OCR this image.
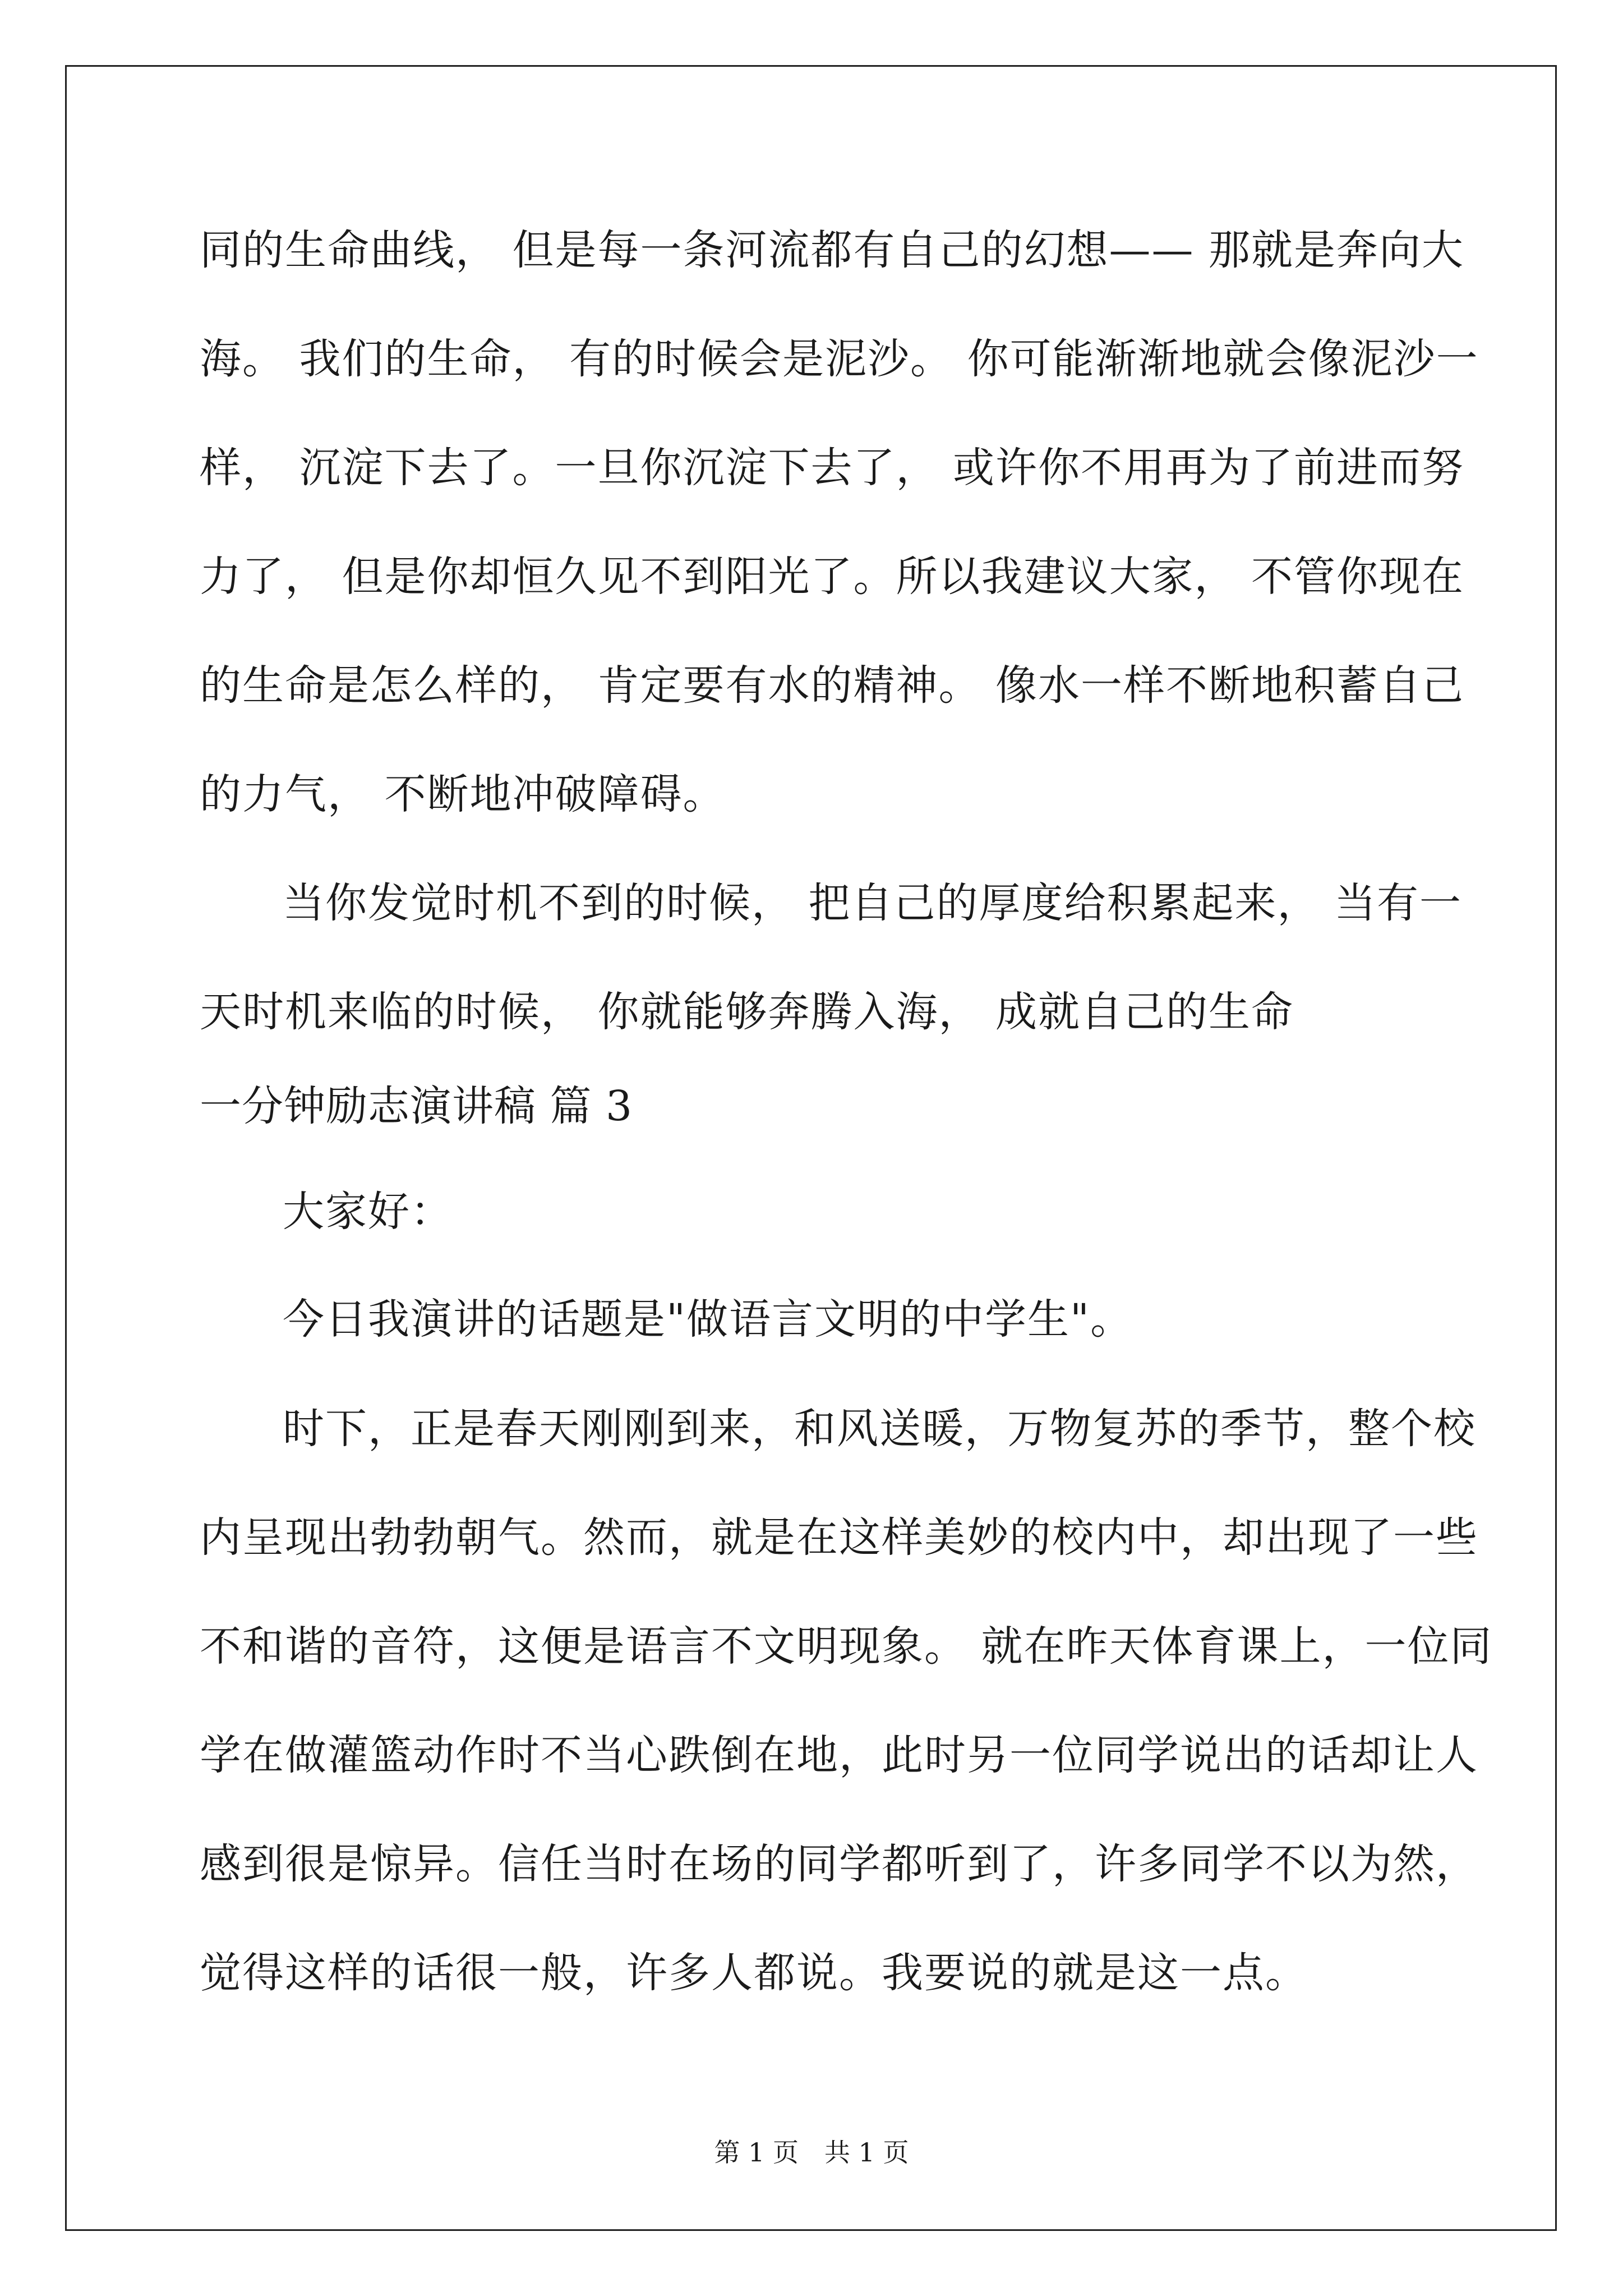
同的生命曲线， 但是每一条河流都有自己的幻想—— 那就是奔向大
海。 我们的生命， 有的时候会是泥沙。 你可能渐渐地就会像泥沙一
样， 沉淀下去了。一旦你沉淀下去了， 或许你不用再为了前进而努
力了， 但是你却恒久见不到阳光了。所以我建议大家， 不管你现在
的生命是怎么样的， 肯定要有水的精神。 像水一样不断地积蓄自己
的力气， 不断地冲破障碍。
当你发觉时机不到的时候， 把自己的厚度给积累起来， 当有一
天时机来临的时候， 你就能够奔腾入海， 成就自己的生命
一分钟励志演讲稿 篇 3
大家好：
今日我演讲的话题是"做语言文明的中学生"。
时下，正是春天刚刚到来，和风送暖，万物复苏的季节，整个校
内呈现出勃勃朝气。然而，就是在这样美妙的校内中，却出现了一些
不和谐的音符，这便是语言不文明现象。 就在昨天体育课上，一位同
学在做灌篮动作时不当心跌倒在地，此时另一位同学说出的话却让人
感到很是惊异。信任当时在场的同学都听到了，许多同学不以为然，
觉得这样的话很一般，许多人都说。我要说的就是这一点。
第 1 页　共 1 页
